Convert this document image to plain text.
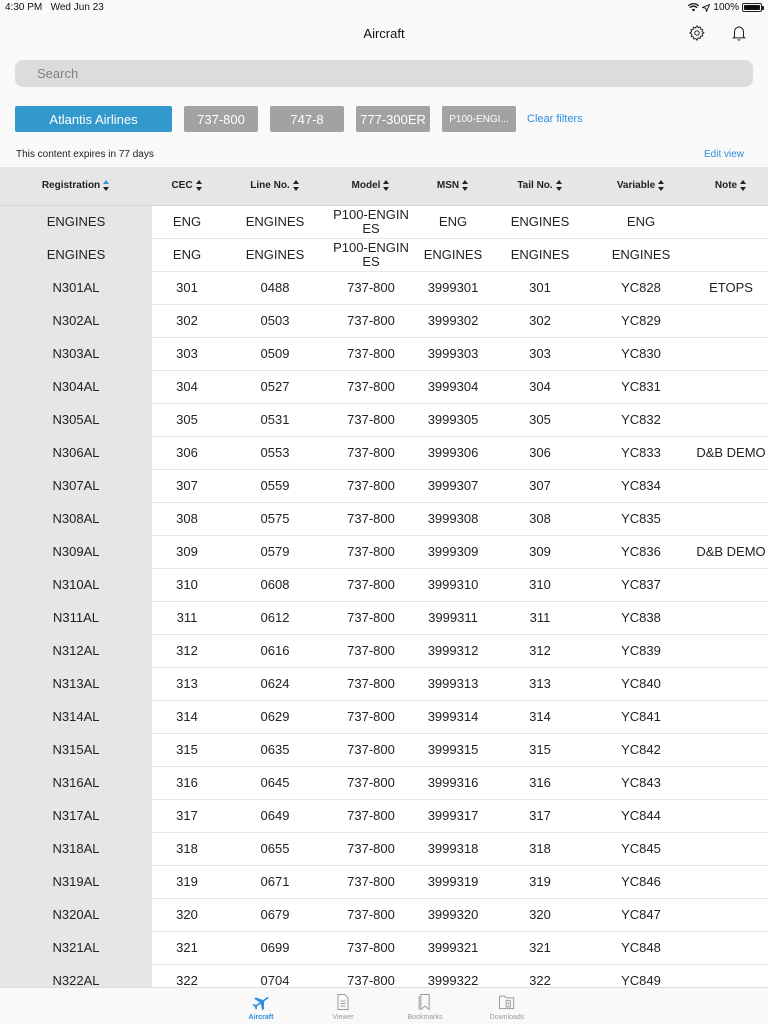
4:30 PM Wed Jun 23	100%
Aircraft
Search
Atlantis Airlines	737-800	747-8	777-300ER	P100-ENGI...	Clear filters
This content expires in 77 days	Edit view
Registration	CEC	Line No.	Model	MSN	Tail No.	Variable	Note
ENGINES	ENG	ENGINES	P100-ENGINES	ENG	ENGINES	ENG	
ENGINES	ENG	ENGINES	P100-ENGINES	ENGINES	ENGINES	ENGINES	
N301AL	301	0488	737-800	3999301	301	YC828	ETOPS
N302AL	302	0503	737-800	3999302	302	YC829	
N303AL	303	0509	737-800	3999303	303	YC830	
N304AL	304	0527	737-800	3999304	304	YC831	
N305AL	305	0531	737-800	3999305	305	YC832	
N306AL	306	0553	737-800	3999306	306	YC833	D&B DEMO
N307AL	307	0559	737-800	3999307	307	YC834	
N308AL	308	0575	737-800	3999308	308	YC835	
N309AL	309	0579	737-800	3999309	309	YC836	D&B DEMO
N310AL	310	0608	737-800	3999310	310	YC837	
N311AL	311	0612	737-800	3999311	311	YC838	
N312AL	312	0616	737-800	3999312	312	YC839	
N313AL	313	0624	737-800	3999313	313	YC840	
N314AL	314	0629	737-800	3999314	314	YC841	
N315AL	315	0635	737-800	3999315	315	YC842	
N316AL	316	0645	737-800	3999316	316	YC843	
N317AL	317	0649	737-800	3999317	317	YC844	
N318AL	318	0655	737-800	3999318	318	YC845	
N319AL	319	0671	737-800	3999319	319	YC846	
N320AL	320	0679	737-800	3999320	320	YC847	
N321AL	321	0699	737-800	3999321	321	YC848	
N322AL	322	0704	737-800	3999322	322	YC849	
Aircraft	Viewer	Bookmarks	Downloads
